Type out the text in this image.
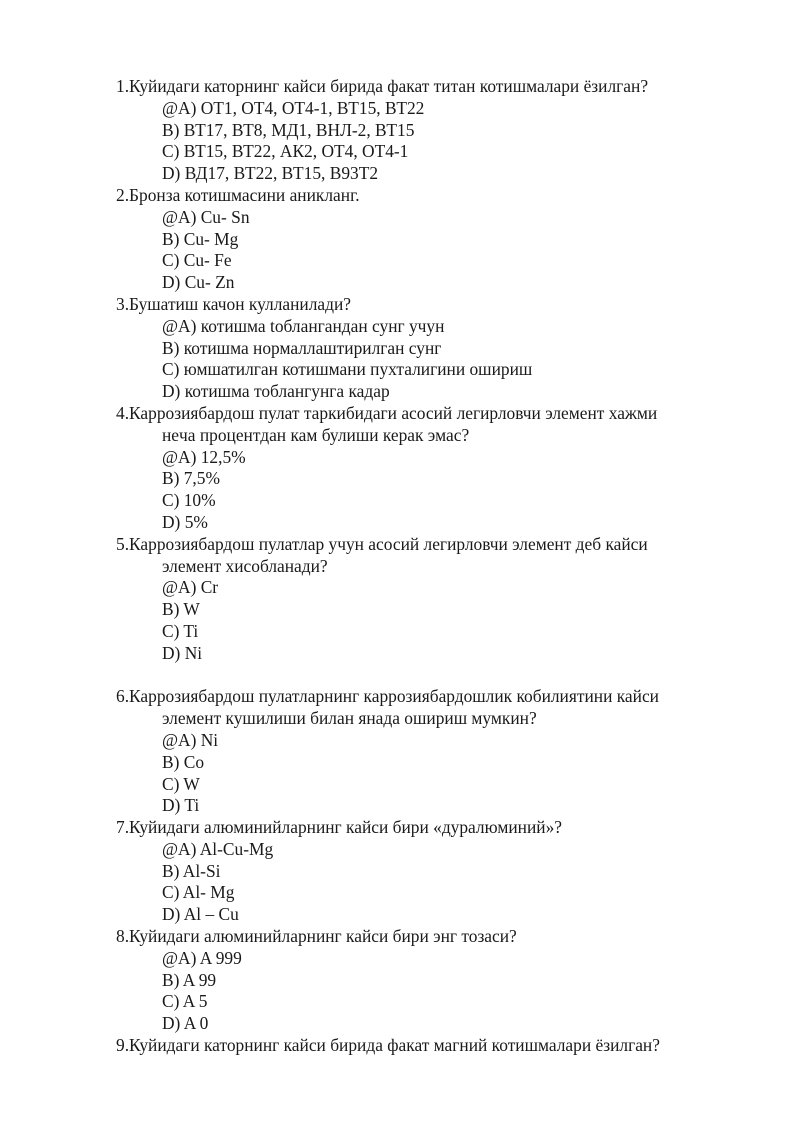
1.Куйидаги каторнинг кайси бирида факат титан котишмалари ёзилган?
@A) ОТ1, ОТ4, ОТ4-1, ВТ15, ВТ22
B) ВТ17, ВТ8, МД1, ВНЛ-2, ВТ15
C) ВТ15, ВТ22, АК2, ОТ4, ОТ4-1
D) ВД17, ВТ22, ВТ15, В93Т2
2.Бронза котишмасини аникланг.
@A) Cu- Sn
B) Cu- Mg
C) Cu- Fe
D) Cu- Zn
3.Бушатиш качон кулланилади?
@A) котишма toблангандан сунг учун
B) котишма нормаллаштирилган сунг
C) юмшатилган котишмани пухталигини ошириш
D) котишма тоблангунга кадар
4.Каррозиябардош пулат таркибидаги асосий легирловчи элемент хажми
нeча процентдан кам булиши керак эмас?
@A) 12,5%
B) 7,5%
C) 10%
D) 5%
5.Каррозиябардош пулатлар учун асосий легирловчи элемент деб кайси
элемент хисобланади?
@A) Cr
B) W
C) Ti
D) Ni
6.Каррозиябардош пулатларнинг каррозиябардошлик кобилиятини кайси
элемент кушилиши билан янада ошириш мумкин?
@A) Ni
B) Co
C) W
D) Ti
7.Куйидаги алюминийларнинг кайси бири «дуралюминий»?
@A) Al-Cu-Mg
B) Al-Si
C) Al- Mg
D) Al – Cu
8.Куйидаги алюминийларнинг кайси бири энг тозаси?
@A) A 999
B) A 99
C) A 5
D) A 0
9.Куйидаги каторнинг кайси бирида факат магний котишмалари ёзилган?
